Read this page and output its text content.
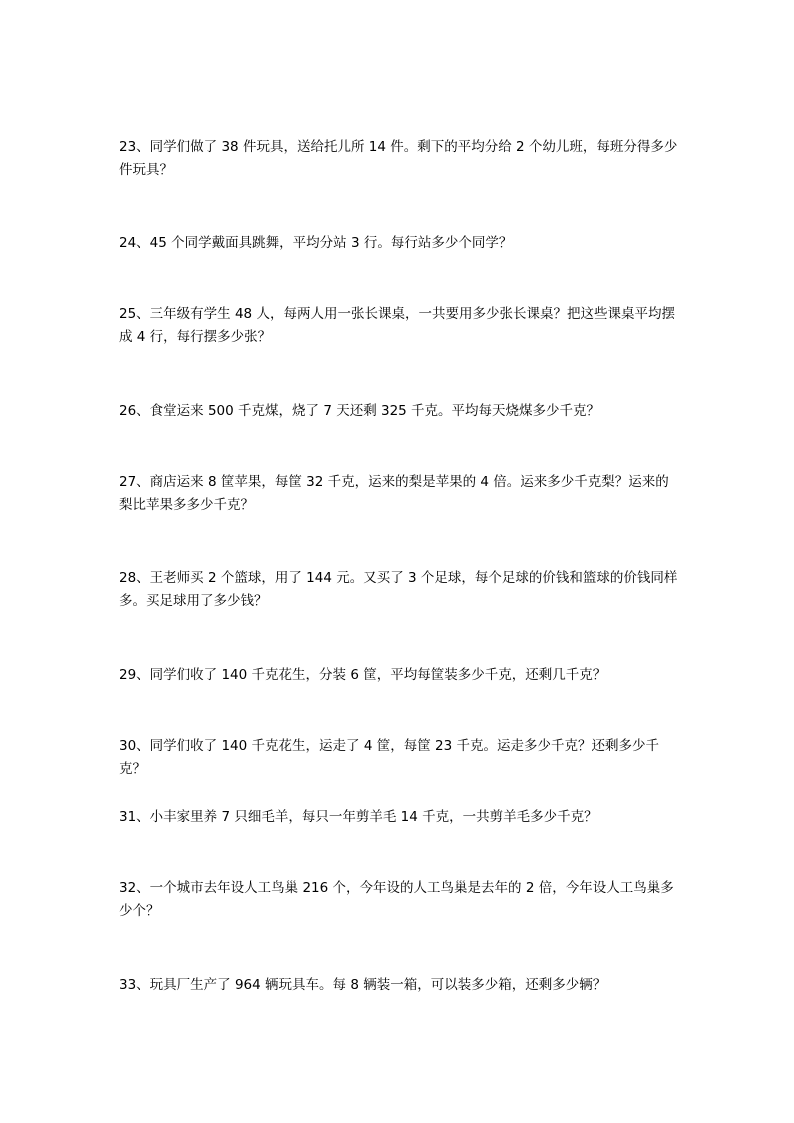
23、同学们做了 38 件玩具，送给托儿所 14 件。剩下的平均分给 2 个幼儿班，每班分得多少件玩具？

24、45 个同学戴面具跳舞，平均分站 3 行。每行站多少个同学？

25、三年级有学生 48 人，每两人用一张长课桌，一共要用多少张长课桌？把这些课桌平均摆成 4 行，每行摆多少张？

26、食堂运来 500 千克煤，烧了 7 天还剩 325 千克。平均每天烧煤多少千克？

27、商店运来 8 筐苹果，每筐 32 千克，运来的梨是苹果的 4 倍。运来多少千克梨？运来的梨比苹果多多少千克？

28、王老师买 2 个篮球，用了 144 元。又买了 3 个足球，每个足球的价钱和篮球的价钱同样多。买足球用了多少钱？

29、同学们收了 140 千克花生，分装 6 筐，平均每筐装多少千克，还剩几千克？

30、同学们收了 140 千克花生，运走了 4 筐，每筐 23 千克。运走多少千克？还剩多少千克？

31、小丰家里养 7 只细毛羊，每只一年剪羊毛 14 千克，一共剪羊毛多少千克？

32、一个城市去年设人工鸟巢 216 个，今年设的人工鸟巢是去年的 2 倍，今年设人工鸟巢多少个？

33、玩具厂生产了 964 辆玩具车。每 8 辆装一箱，可以装多少箱，还剩多少辆？
